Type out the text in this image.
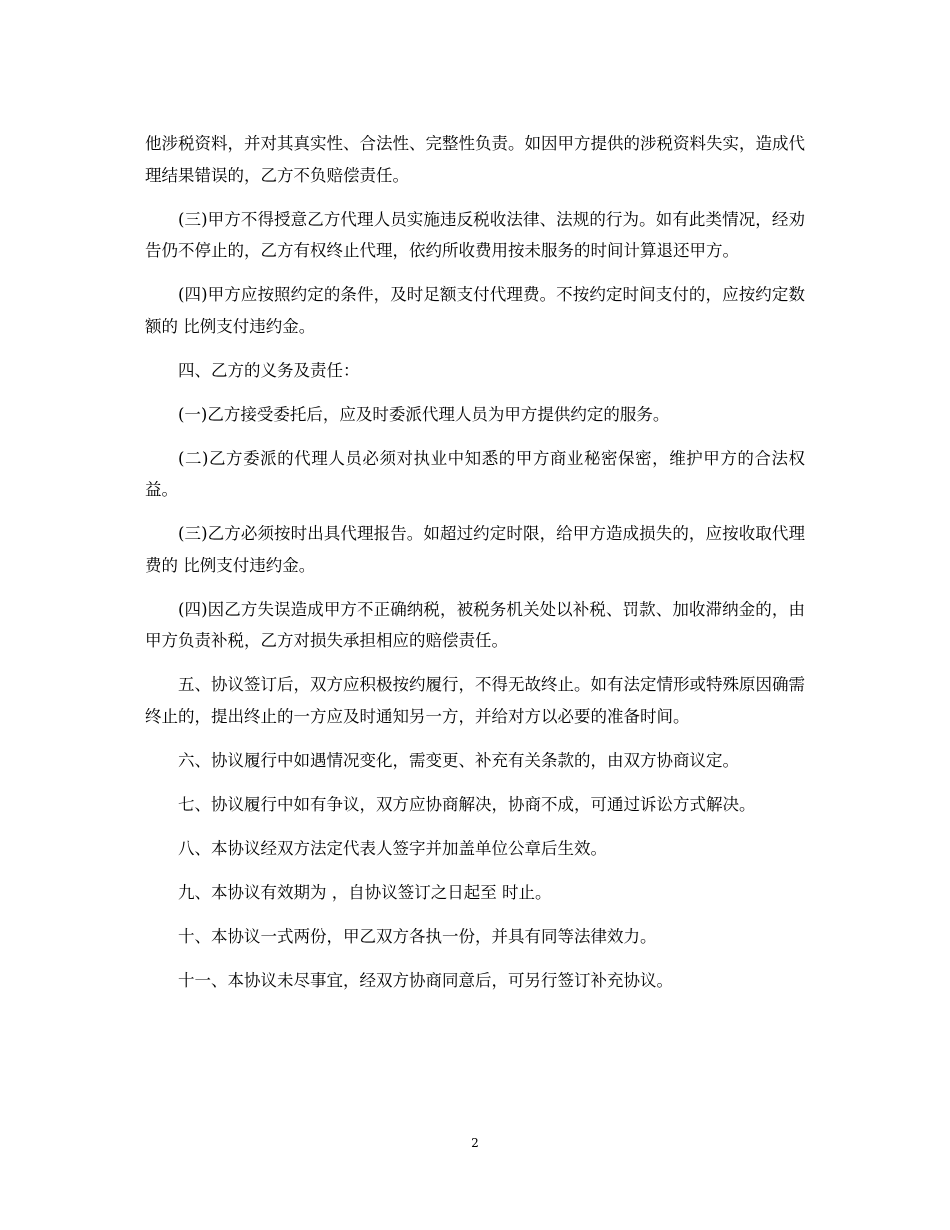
他涉税资料，并对其真实性、合法性、完整性负责。如因甲方提供的涉税资料失实，造成代理结果错误的，乙方不负赔偿责任。

(三)甲方不得授意乙方代理人员实施违反税收法律、法规的行为。如有此类情况，经劝告仍不停止的，乙方有权终止代理，依约所收费用按未服务的时间计算退还甲方。

(四)甲方应按照约定的条件，及时足额支付代理费。不按约定时间支付的，应按约定数额的 比例支付违约金。

四、乙方的义务及责任：

(一)乙方接受委托后，应及时委派代理人员为甲方提供约定的服务。

(二)乙方委派的代理人员必须对执业中知悉的甲方商业秘密保密，维护甲方的合法权益。

(三)乙方必须按时出具代理报告。如超过约定时限，给甲方造成损失的，应按收取代理费的 比例支付违约金。

(四)因乙方失误造成甲方不正确纳税，被税务机关处以补税、罚款、加收滞纳金的，由甲方负责补税，乙方对损失承担相应的赔偿责任。

五、协议签订后，双方应积极按约履行，不得无故终止。如有法定情形或特殊原因确需终止的，提出终止的一方应及时通知另一方，并给对方以必要的准备时间。

六、协议履行中如遇情况变化，需变更、补充有关条款的，由双方协商议定。

七、协议履行中如有争议，双方应协商解决，协商不成，可通过诉讼方式解决。

八、本协议经双方法定代表人签字并加盖单位公章后生效。

九、本协议有效期为 ，自协议签订之日起至 时止。

十、本协议一式两份，甲乙双方各执一份，并具有同等法律效力。

十一、本协议未尽事宜，经双方协商同意后，可另行签订补充协议。

2
